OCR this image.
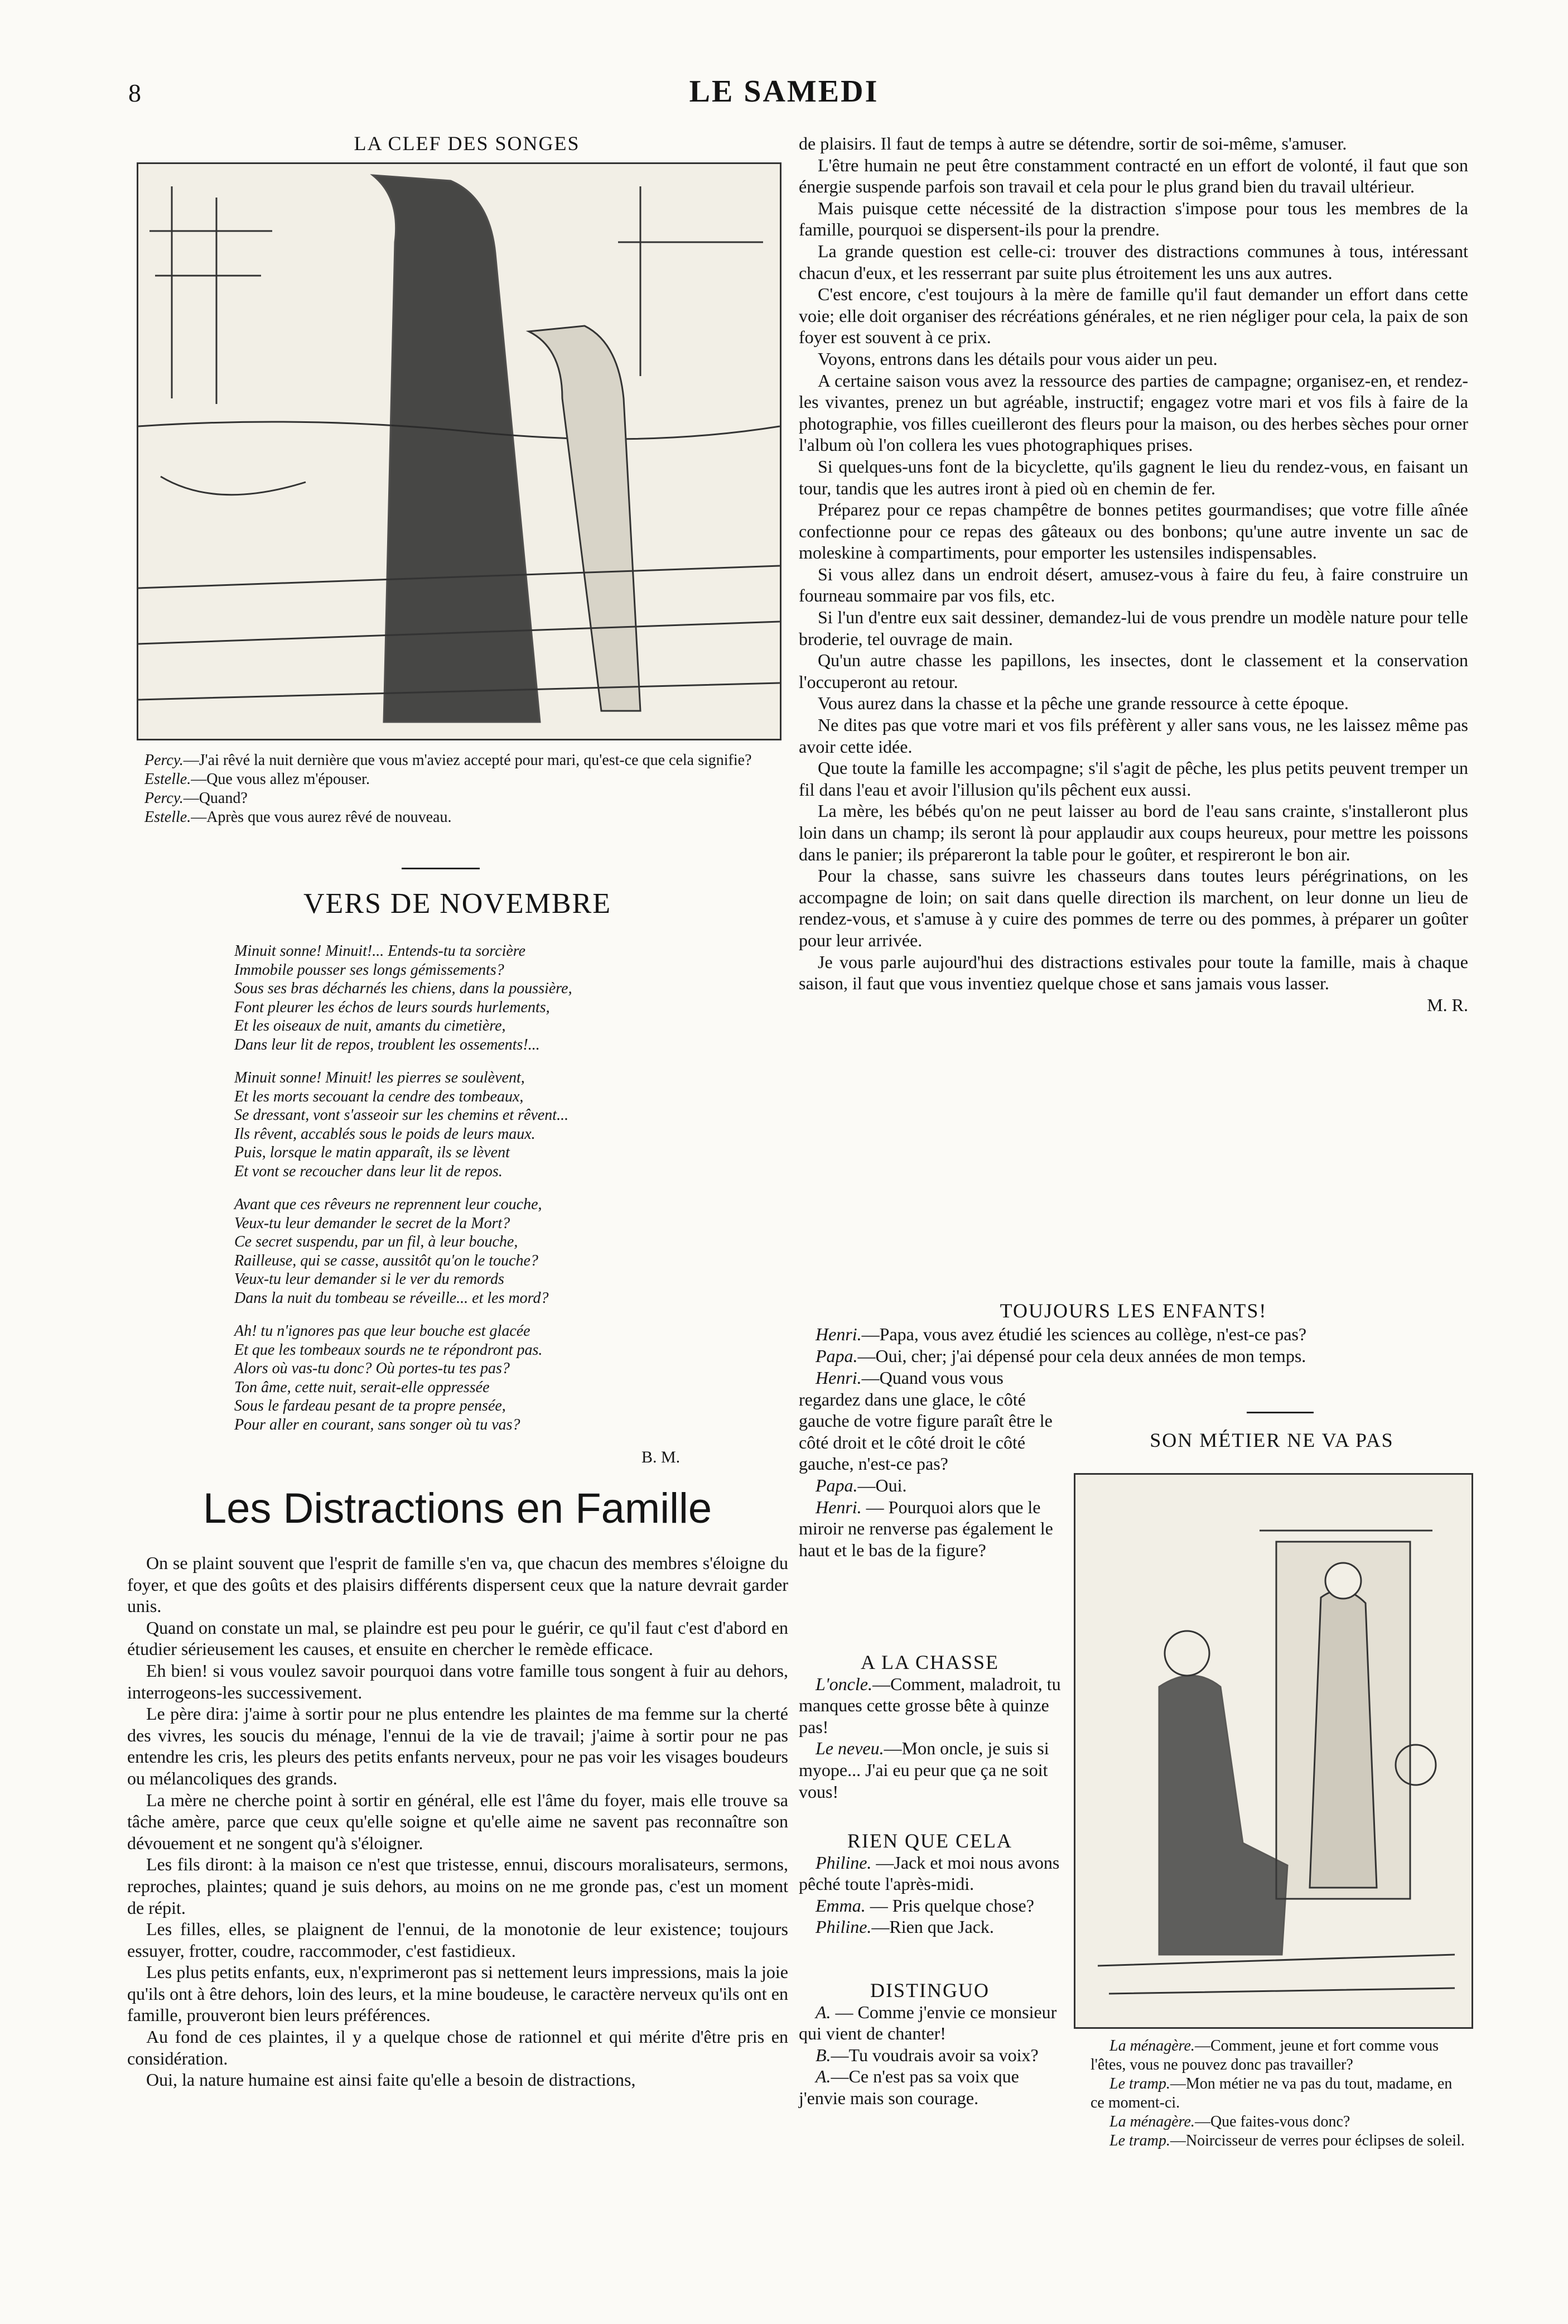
8	LE SAMEDI

LA CLEF DES SONGES

Percy.—J'ai rêvé la nuit dernière que vous m'aviez accepté pour mari, qu'est-ce que cela signifie?

Estelle.—Que vous allez m'épouser.

Percy.—Quand?

Estelle.—Après que vous aurez rêvé de nouveau.

VERS DE NOVEMBRE

Minuit sonne! Minuit!... Entends-tu ta sorcière
Immobile pousser ses longs gémissements?
Sous ses bras décharnés les chiens, dans la poussière,
Font pleurer les échos de leurs sourds hurlements,
Et les oiseaux de nuit, amants du cimetière,
Dans leur lit de repos, troublent les ossements!...
Minuit sonne! Minuit! les pierres se soulèvent,
Et les morts secouant la cendre des tombeaux,
Se dressant, vont s'asseoir sur les chemins et rêvent...
Ils rêvent, accablés sous le poids de leurs maux.
Puis, lorsque le matin apparaît, ils se lèvent
Et vont se recoucher dans leur lit de repos.
Avant que ces rêveurs ne reprennent leur couche,
Veux-tu leur demander le secret de la Mort?
Ce secret suspendu, par un fil, à leur bouche,
Railleuse, qui se casse, aussitôt qu'on le touche?
Veux-tu leur demander si le ver du remords
Dans la nuit du tombeau se réveille... et les mord?
Ah! tu n'ignores pas que leur bouche est glacée
Et que les tombeaux sourds ne te répondront pas.
Alors où vas-tu donc? Où portes-tu tes pas?
Ton âme, cette nuit, serait-elle oppressée
Sous le fardeau pesant de ta propre pensée,
Pour aller en courant, sans songer où tu vas?
B. M.

Les Distractions en Famille

On se plaint souvent que l'esprit de famille s'en va, que chacun des membres s'éloigne du foyer, et que des goûts et des plaisirs différents dispersent ceux que la nature devrait garder unis.

Quand on constate un mal, se plaindre est peu pour le guérir, ce qu'il faut c'est d'abord en étudier sérieusement les causes, et ensuite en chercher le remède efficace.

Eh bien! si vous voulez savoir pourquoi dans votre famille tous songent à fuir au dehors, interrogeons-les successivement.

Le père dira: j'aime à sortir pour ne plus entendre les plaintes de ma femme sur la cherté des vivres, les soucis du ménage, l'ennui de la vie de travail; j'aime à sortir pour ne pas entendre les cris, les pleurs des petits enfants nerveux, pour ne pas voir les visages boudeurs ou mélancoliques des grands.

La mère ne cherche point à sortir en général, elle est l'âme du foyer, mais elle trouve sa tâche amère, parce que ceux qu'elle soigne et qu'elle aime ne savent pas reconnaître son dévouement et ne songent qu'à s'éloigner.

Les fils diront: à la maison ce n'est que tristesse, ennui, discours moralisateurs, sermons, reproches, plaintes; quand je suis dehors, au moins on ne me gronde pas, c'est un moment de répit.

Les filles, elles, se plaignent de l'ennui, de la monotonie de leur existence; toujours essuyer, frotter, coudre, raccommoder, c'est fastidieux.

Les plus petits enfants, eux, n'exprimeront pas si nettement leurs impressions, mais la joie qu'ils ont à être dehors, loin des leurs, et la mine boudeuse, le caractère nerveux qu'ils ont en famille, prouveront bien leurs préférences.

Au fond de ces plaintes, il y a quelque chose de rationnel et qui mérite d'être pris en considération.

Oui, la nature humaine est ainsi faite qu'elle a besoin de distractions,

de plaisirs. Il faut de temps à autre se détendre, sortir de soi-même, s'amuser.

L'être humain ne peut être constamment contracté en un effort de volonté, il faut que son énergie suspende parfois son travail et cela pour le plus grand bien du travail ultérieur.

Mais puisque cette nécessité de la distraction s'impose pour tous les membres de la famille, pourquoi se dispersent-ils pour la prendre.

La grande question est celle-ci: trouver des distractions communes à tous, intéressant chacun d'eux, et les resserrant par suite plus étroitement les uns aux autres.

C'est encore, c'est toujours à la mère de famille qu'il faut demander un effort dans cette voie; elle doit organiser des récréations générales, et ne rien négliger pour cela, la paix de son foyer est souvent à ce prix.

Voyons, entrons dans les détails pour vous aider un peu.

A certaine saison vous avez la ressource des parties de campagne; organisez-en, et rendez-les vivantes, prenez un but agréable, instructif; engagez votre mari et vos fils à faire de la photographie, vos filles cueilleront des fleurs pour la maison, ou des herbes sèches pour orner l'album où l'on collera les vues photographiques prises.

Si quelques-uns font de la bicyclette, qu'ils gagnent le lieu du rendez-vous, en faisant un tour, tandis que les autres iront à pied où en chemin de fer.

Préparez pour ce repas champêtre de bonnes petites gourmandises; que votre fille aînée confectionne pour ce repas des gâteaux ou des bonbons; qu'une autre invente un sac de moleskine à compartiments, pour emporter les ustensiles indispensables.

Si vous allez dans un endroit désert, amusez-vous à faire du feu, à faire construire un fourneau sommaire par vos fils, etc.

Si l'un d'entre eux sait dessiner, demandez-lui de vous prendre un modèle nature pour telle broderie, tel ouvrage de main.

Qu'un autre chasse les papillons, les insectes, dont le classement et la conservation l'occuperont au retour.

Vous aurez dans la chasse et la pêche une grande ressource à cette époque.

Ne dites pas que votre mari et vos fils préfèrent y aller sans vous, ne les laissez même pas avoir cette idée.

Que toute la famille les accompagne; s'il s'agit de pêche, les plus petits peuvent tremper un fil dans l'eau et avoir l'illusion qu'ils pêchent eux aussi.

La mère, les bébés qu'on ne peut laisser au bord de l'eau sans crainte, s'installeront plus loin dans un champ; ils seront là pour applaudir aux coups heureux, pour mettre les poissons dans le panier; ils prépareront la table pour le goûter, et respireront le bon air.

Pour la chasse, sans suivre les chasseurs dans toutes leurs pérégrinations, on les accompagne de loin; on sait dans quelle direction ils marchent, on leur donne un lieu de rendez-vous, et s'amuse à y cuire des pommes de terre ou des pommes, à préparer un goûter pour leur arrivée.

Je vous parle aujourd'hui des distractions estivales pour toute la famille, mais à chaque saison, il faut que vous inventiez quelque chose et sans jamais vous lasser.

M. R.

TOUJOURS LES ENFANTS!

Henri.—Papa, vous avez étudié les sciences au collège, n'est-ce pas?

Papa.—Oui, cher; j'ai dépensé pour cela deux années de mon temps.

Henri.—Quand vous vous regardez dans une glace, le côté gauche de votre figure paraît être le côté droit et le côté droit le côté gauche, n'est-ce pas?

Papa.—Oui.

Henri. — Pourquoi alors que le miroir ne renverse pas également le haut et le bas de la figure?

A LA CHASSE

L'oncle.—Comment, maladroit, tu manques cette grosse bête à quinze pas!

Le neveu.—Mon oncle, je suis si myope... J'ai eu peur que ça ne soit vous!

RIEN QUE CELA

Philine. —Jack et moi nous avons pêché toute l'après-midi.

Emma. — Pris quelque chose?

Philine.—Rien que Jack.

DISTINGUO

A. — Comme j'envie ce monsieur qui vient de chanter!

B.—Tu voudrais avoir sa voix?

A.—Ce n'est pas sa voix que j'envie mais son courage.

SON MÉTIER NE VA PAS

La ménagère.—Comment, jeune et fort comme vous l'êtes, vous ne pouvez donc pas travailler?

Le tramp.—Mon métier ne va pas du tout, madame, en ce moment-ci.

La ménagère.—Que faites-vous donc?

Le tramp.—Noircisseur de verres pour éclipses de soleil.
